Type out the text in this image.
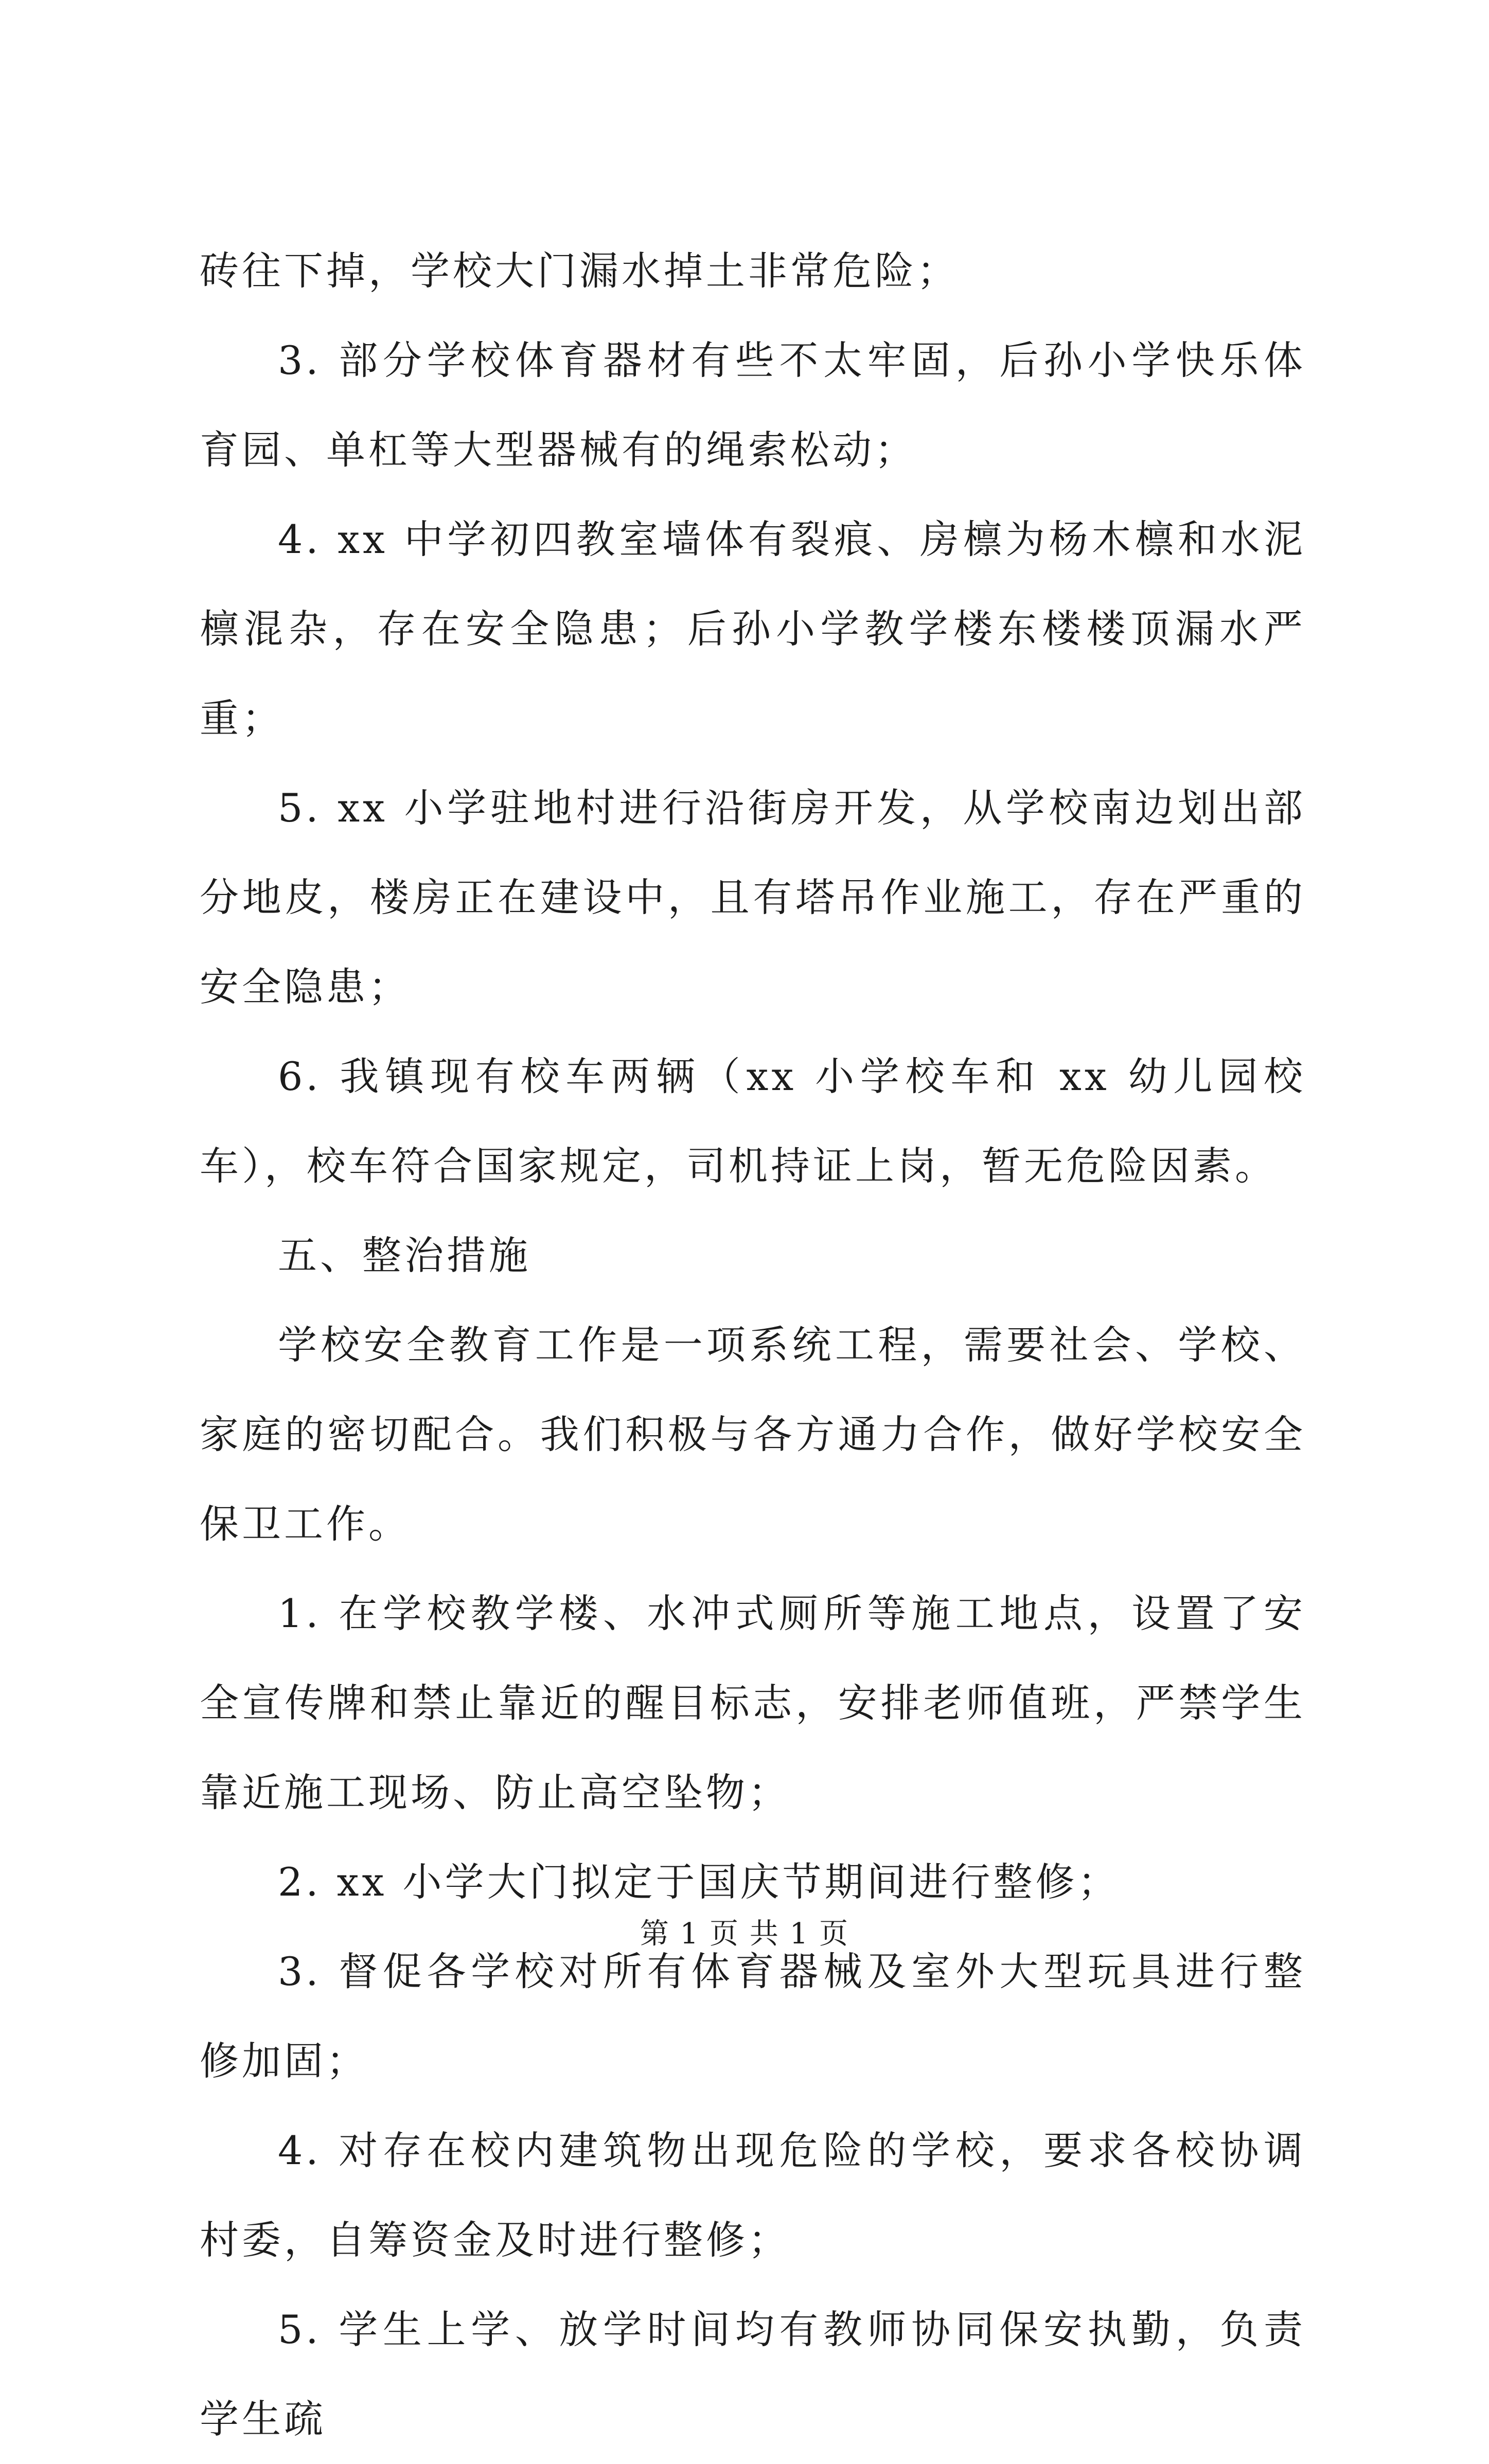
砖往下掉，学校大门漏水掉土非常危险；

3. 部分学校体育器材有些不太牢固，后孙小学快乐体育园、单杠等大型器械有的绳索松动；

4. xx 中学初四教室墙体有裂痕、房檩为杨木檩和水泥檩混杂，存在安全隐患；后孙小学教学楼东楼楼顶漏水严重；

5. xx 小学驻地村进行沿街房开发，从学校南边划出部分地皮，楼房正在建设中，且有塔吊作业施工，存在严重的安全隐患；

6. 我镇现有校车两辆（xx 小学校车和 xx 幼儿园校车），校车符合国家规定，司机持证上岗，暂无危险因素。

五、整治措施

学校安全教育工作是一项系统工程，需要社会、学校、家庭的密切配合。我们积极与各方通力合作，做好学校安全保卫工作。

1. 在学校教学楼、水冲式厕所等施工地点，设置了安全宣传牌和禁止靠近的醒目标志，安排老师值班，严禁学生靠近施工现场、防止高空坠物；

2. xx 小学大门拟定于国庆节期间进行整修；

3. 督促各学校对所有体育器械及室外大型玩具进行整修加固；

4. 对存在校内建筑物出现危险的学校，要求各校协调村委，自筹资金及时进行整修；

5. 学生上学、放学时间均有教师协同保安执勤，负责学生疏

第 1 页 共 1 页
